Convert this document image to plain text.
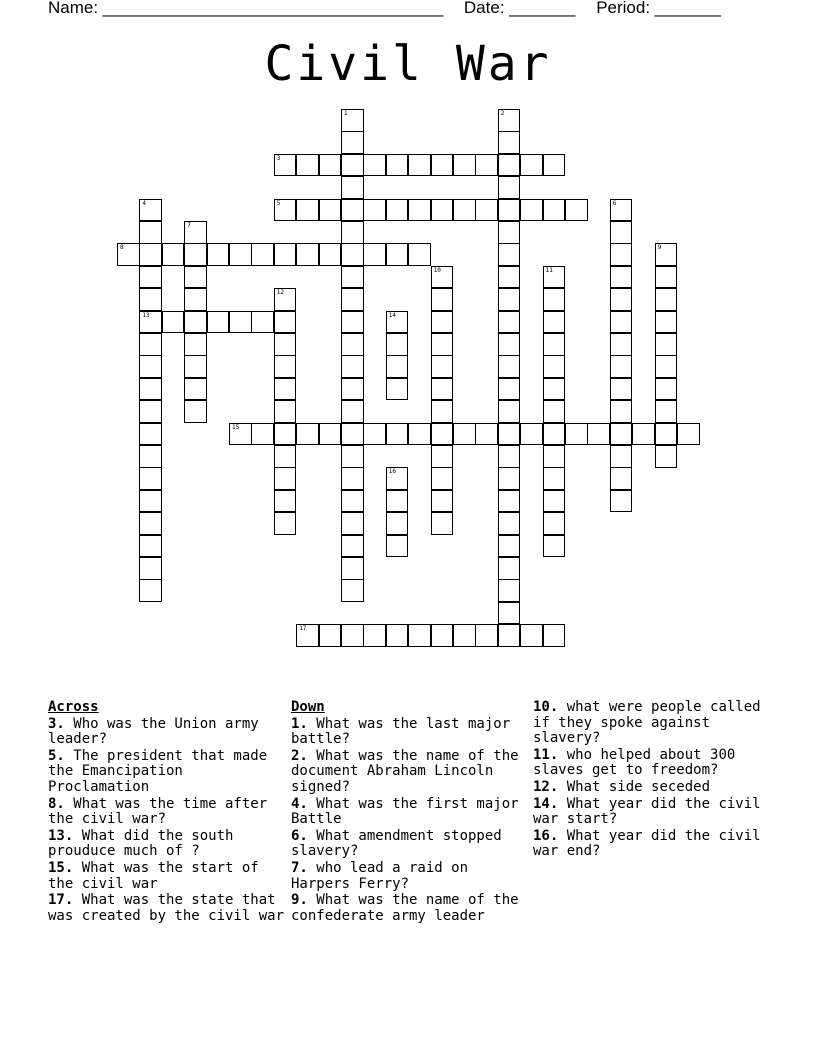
Name: ____________________________________ Date: _______ Period: _______
Civil War
1	2
3
4
13
5	6
7
8	9
10	11
12
14
15
16
17
Across
3. Who was the Union army leader?
5. The president that made the Emancipation Proclamation
8. What was the time after the civil war?
13. What did the south prouduce much of ?
15. What was the start of the civil war
17. What was the state that was created by the civil war
Down
1. What was the last major battle?
2. What was the name of the document Abraham Lincoln signed?
4. What was the first major Battle
6. What amendment stopped slavery?
7. who lead a raid on Harpers Ferry?
9. What was the name of the confederate army leader
10. what were people called if they spoke against slavery?
11. who helped about 300 slaves get to freedom?
12. What side seceded
14. What year did the civil war start?
16. What year did the civil war end?
